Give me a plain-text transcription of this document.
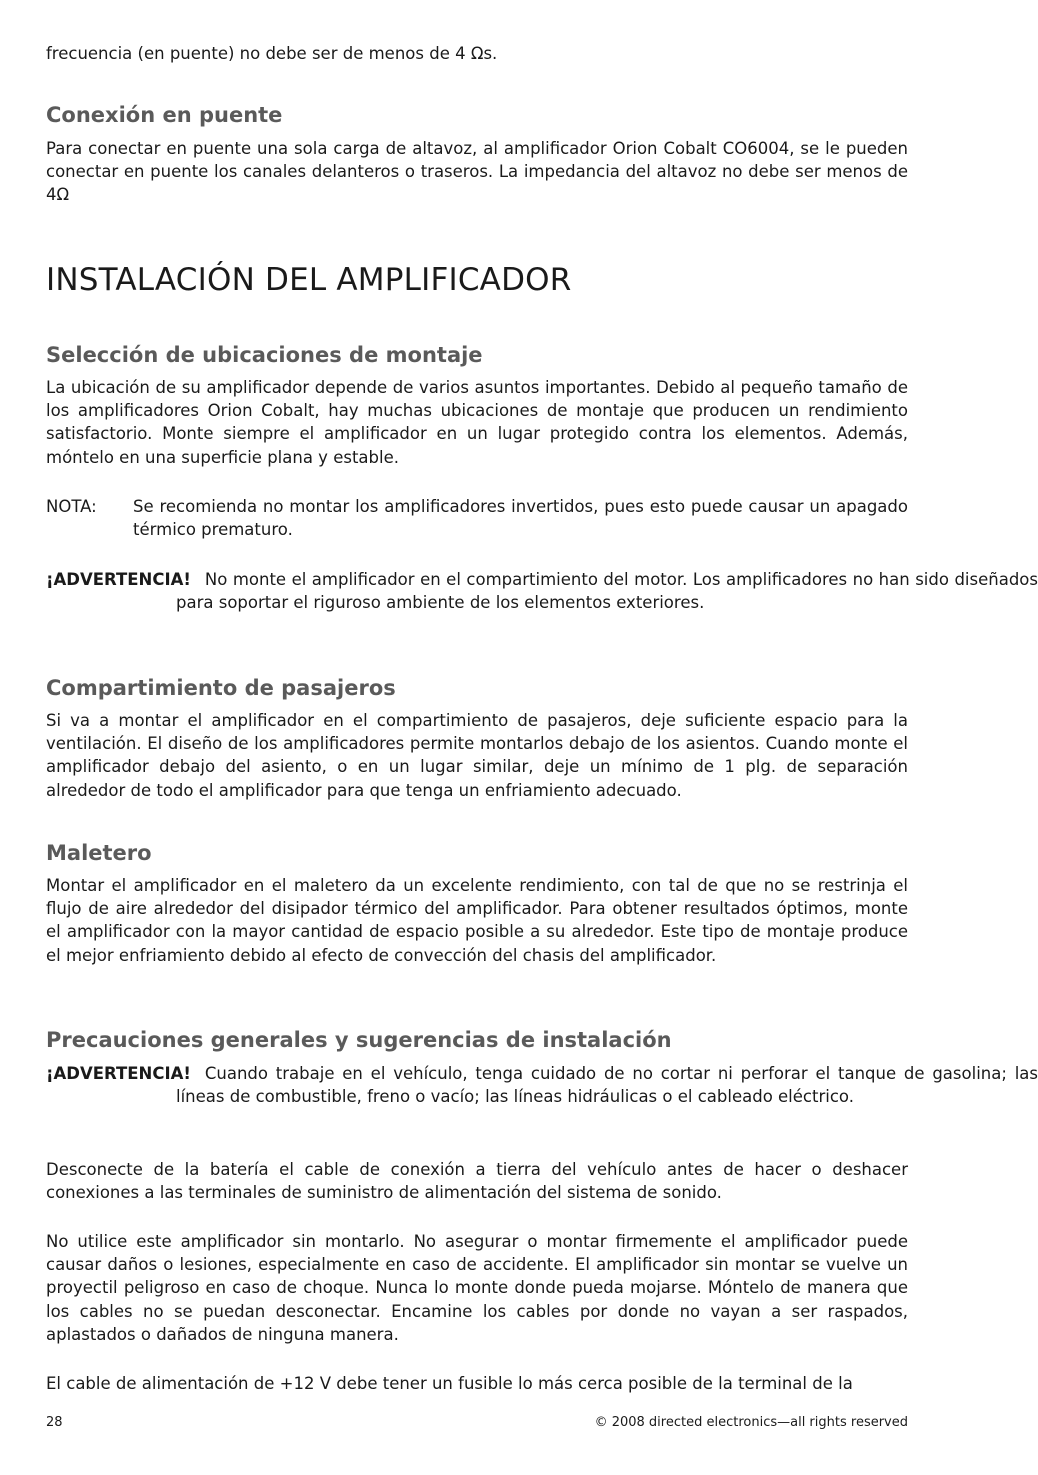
frecuencia (en puente) no debe ser de menos de 4 Ωs.

Conexión en puente

Para conectar en puente una sola carga de altavoz, al amplificador Orion Cobalt CO6004, se le pueden conectar en puente los canales delanteros o traseros. La impedancia del altavoz no debe ser menos de 4Ω

INSTALACIÓN DEL AMPLIFICADOR
Selección de ubicaciones de montaje

La ubicación de su amplificador depende de varios asuntos importantes. Debido al pequeño tamaño de los amplificadores Orion Cobalt, hay muchas ubicaciones de montaje que producen un rendimiento satisfactorio. Monte siempre el amplificador en un lugar protegido contra los elementos. Además, móntelo en una superficie plana y estable.

NOTA:	Se recomienda no montar los amplificadores invertidos, pues esto puede causar un apagado térmico prematuro.
¡ADVERTENCIA! No monte el amplificador en el compartimiento del motor. Los amplificadores no han sido diseñados para soportar el riguroso ambiente de los elementos exteriores.
Compartimiento de pasajeros

Si va a montar el amplificador en el compartimiento de pasajeros, deje suficiente espacio para la ventilación. El diseño de los amplificadores permite montarlos debajo de los asientos. Cuando monte el amplificador debajo del asiento, o en un lugar similar, deje un mínimo de 1 plg. de separación alrededor de todo el amplificador para que tenga un enfriamiento adecuado.

Maletero

Montar el amplificador en el maletero da un excelente rendimiento, con tal de que no se restrinja el flujo de aire alrededor del disipador térmico del amplificador. Para obtener resultados óptimos, monte el amplificador con la mayor cantidad de espacio posible a su alrededor. Este tipo de montaje produce el mejor enfriamiento debido al efecto de convección del chasis del amplificador.

Precauciones generales y sugerencias de instalación
¡ADVERTENCIA! Cuando trabaje en el vehículo, tenga cuidado de no cortar ni perforar el tanque de gasolina; las líneas de combustible, freno o vacío; las líneas hidráulicas o el cableado eléctrico.

Desconecte de la batería el cable de conexión a tierra del vehículo antes de hacer o deshacer conexiones a las terminales de suministro de alimentación del sistema de sonido.

No utilice este amplificador sin montarlo. No asegurar o montar firmemente el amplificador puede causar daños o lesiones, especialmente en caso de accidente. El amplificador sin montar se vuelve un proyectil peligroso en caso de choque. Nunca lo monte donde pueda mojarse. Móntelo de manera que los cables no se puedan desconectar. Encamine los cables por donde no vayan a ser raspados, aplastados o dañados de ninguna manera.

El cable de alimentación de +12 V debe tener un fusible lo más cerca posible de la terminal de la

28	© 2008 directed electronics—all rights reserved
